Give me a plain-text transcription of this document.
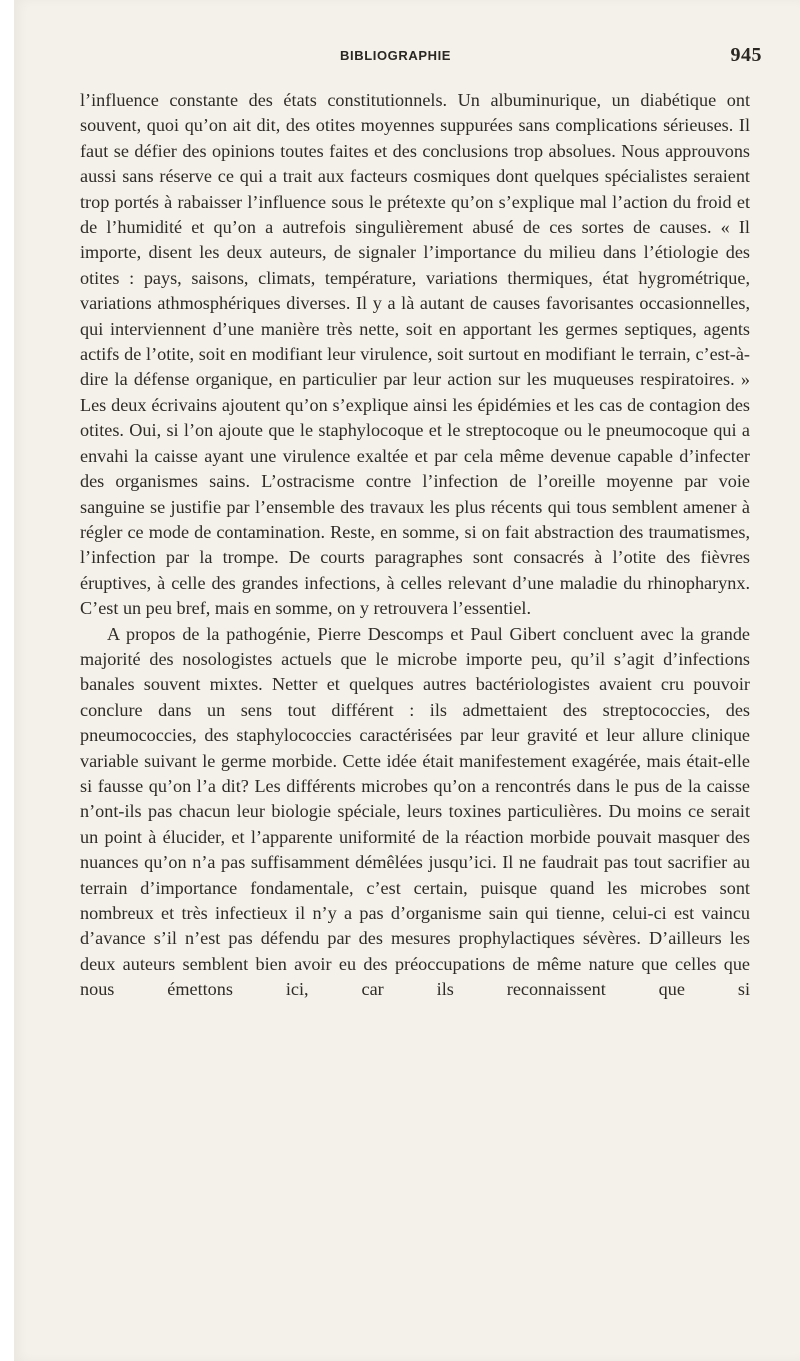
BIBLIOGRAPHIE	945

l’influence constante des états constitutionnels. Un albuminurique, un diabétique ont souvent, quoi qu’on ait dit, des otites moyennes suppurées sans complications sérieuses. Il faut se défier des opinions toutes faites et des conclusions trop absolues. Nous approuvons aussi sans réserve ce qui a trait aux facteurs cosmiques dont quelques spécialistes seraient trop portés à rabaisser l’influence sous le prétexte qu’on s’explique mal l’action du froid et de l’humidité et qu’on a autrefois singulièrement abusé de ces sortes de causes. « Il importe, disent les deux auteurs, de signaler l’importance du milieu dans l’étiologie des otites : pays, saisons, climats, température, variations thermiques, état hygrométrique, variations athmosphériques diverses. Il y a là autant de causes favorisantes occasionnelles, qui interviennent d’une manière très nette, soit en apportant les germes septiques, agents actifs de l’otite, soit en modifiant leur virulence, soit surtout en modifiant le terrain, c’est-à-dire la défense organique, en particulier par leur action sur les muqueuses respiratoires. » Les deux écrivains ajoutent qu’on s’explique ainsi les épidémies et les cas de contagion des otites. Oui, si l’on ajoute que le staphylocoque et le streptocoque ou le pneumocoque qui a envahi la caisse ayant une virulence exaltée et par cela même devenue capable d’infecter des organismes sains. L’ostracisme contre l’infection de l’oreille moyenne par voie sanguine se justifie par l’ensemble des travaux les plus récents qui tous semblent amener à régler ce mode de contamination. Reste, en somme, si on fait abstraction des traumatismes, l’infection par la trompe. De courts paragraphes sont consacrés à l’otite des fièvres éruptives, à celle des grandes infections, à celles relevant d’une maladie du rhinopharynx. C’est un peu bref, mais en somme, on y retrouvera l’essentiel.

A propos de la pathogénie, Pierre Descomps et Paul Gibert concluent avec la grande majorité des nosologistes actuels que le microbe importe peu, qu’il s’agit d’infections banales souvent mixtes. Netter et quelques autres bactériologistes avaient cru pouvoir conclure dans un sens tout différent : ils admettaient des streptococcies, des pneumococcies, des staphylococcies caractérisées par leur gravité et leur allure clinique variable suivant le germe morbide. Cette idée était manifestement exagérée, mais était-elle si fausse qu’on l’a dit? Les différents microbes qu’on a rencontrés dans le pus de la caisse n’ont-ils pas chacun leur biologie spéciale, leurs toxines particulières. Du moins ce serait un point à élucider, et l’apparente uniformité de la réaction morbide pouvait masquer des nuances qu’on n’a pas suffisamment démêlées jusqu’ici. Il ne faudrait pas tout sacrifier au terrain d’importance fondamentale, c’est certain, puisque quand les microbes sont nombreux et très infectieux il n’y a pas d’organisme sain qui tienne, celui-ci est vaincu d’avance s’il n’est pas défendu par des mesures prophylactiques sévères. D’ailleurs les deux auteurs semblent bien avoir eu des préoccupations de même nature que celles que nous émettons ici, car ils reconnaissent que si
